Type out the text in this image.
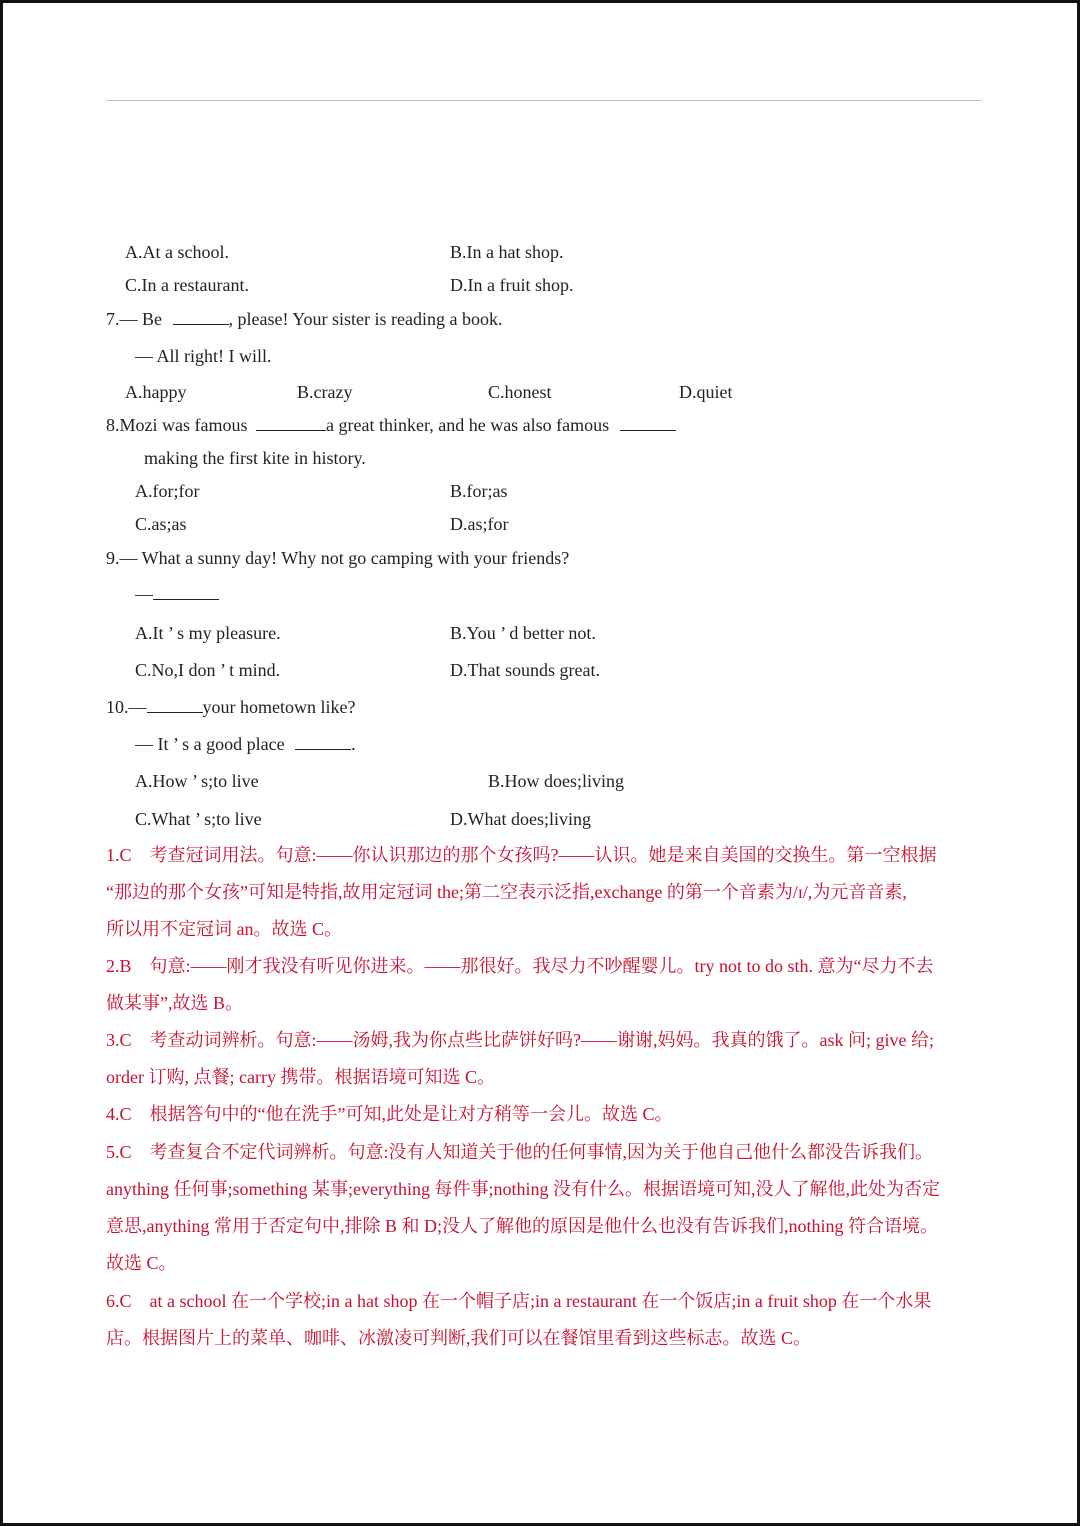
A.At a school.	B.In a hat shop.
C.In a restaurant.	D.In a fruit shop.
7.— Be	, please! Your sister is reading a book.
— All right! I will.
A.happy	B.crazy	C.honest	D.quiet
8.Mozi was famous	a great thinker, and he was also famous
making the first kite in history.
A.for;for	B.for;as
C.as;as	D.as;for
9.— What a sunny day! Why not go camping with your friends?
—
A.It ’ s my pleasure.	B.You ’ d better not.
C.No,I don ’ t mind.	D.That sounds great.
10.—	your hometown like?
— It ’ s a good place	.
A.How ’ s;to live	B.How does;living
C.What ’ s;to live	D.What does;living
1.C　考查冠词用法。句意:——你认识那边的那个女孩吗?——认识。她是来自美国的交换生。第一空根据
“那边的那个女孩”可知是特指,故用定冠词 the;第二空表示泛指,exchange 的第一个音素为/ɪ/,为元音音素,
所以用不定冠词 an。故选 C。
2.B　句意:——刚才我没有听见你进来。——那很好。我尽力不吵醒婴儿。try not to do sth. 意为“尽力不去
做某事”,故选 B。
3.C　考查动词辨析。句意:——汤姆,我为你点些比萨饼好吗?——谢谢,妈妈。我真的饿了。ask 问; give 给;
order 订购, 点餐; carry 携带。根据语境可知选 C。
4.C　根据答句中的“他在洗手”可知,此处是让对方稍等一会儿。故选 C。
5.C　考查复合不定代词辨析。句意:没有人知道关于他的任何事情,因为关于他自己他什么都没告诉我们。
anything 任何事;something 某事;everything 每件事;nothing 没有什么。根据语境可知,没人了解他,此处为否定
意思,anything 常用于否定句中,排除 B 和 D;没人了解他的原因是他什么也没有告诉我们,nothing 符合语境。
故选 C。
6.C　at a school 在一个学校;in a hat shop 在一个帽子店;in a restaurant 在一个饭店;in a fruit shop 在一个水果
店。根据图片上的菜单、咖啡、冰激凌可判断,我们可以在餐馆里看到这些标志。故选 C。
